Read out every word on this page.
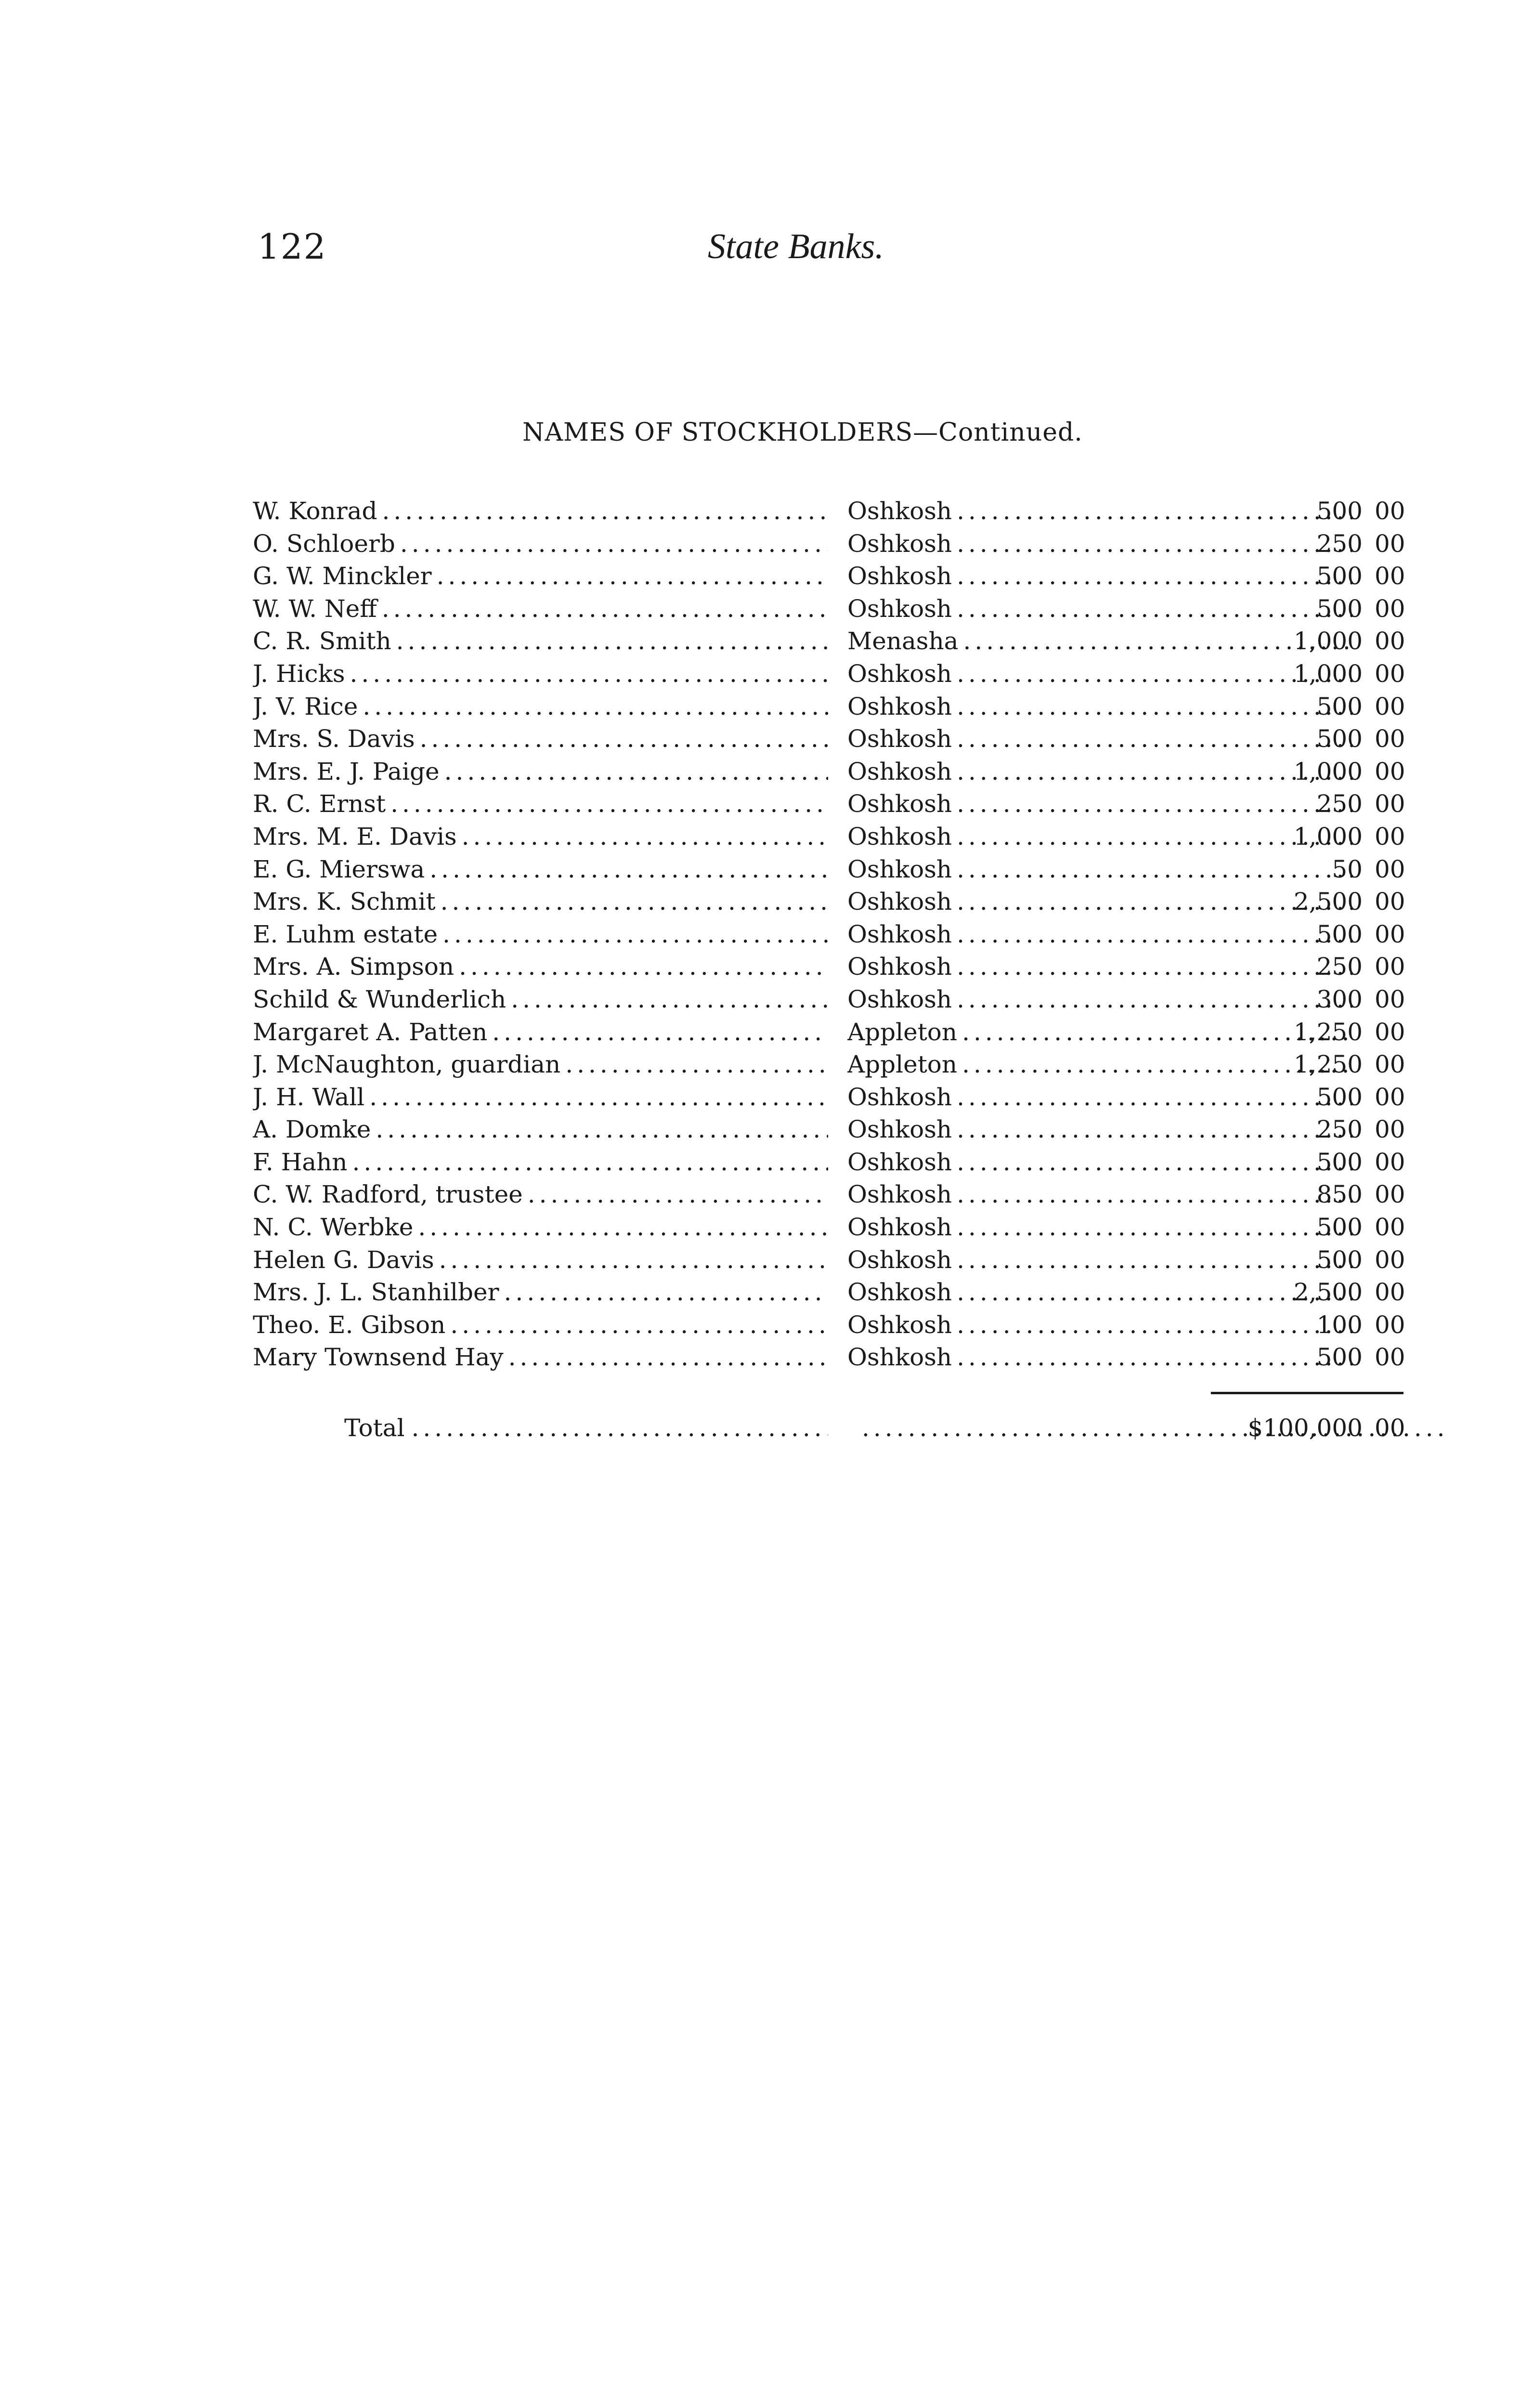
122	State Banks.
NAMES OF STOCKHOLDERS—Continued.
W. Konrad .....	Oshkosh .....	500 00
O. Schloerb .....	Oshkosh .....	250 00
G. W. Minckler .....	Oshkosh .....	500 00
W. W. Neff .....	Oshkosh .....	500 00
C. R. Smith .....	Menasha .....	1,000 00
J. Hicks .....	Oshkosh .....	1,000 00
J. V. Rice .....	Oshkosh .....	500 00
Mrs. S. Davis .....	Oshkosh .....	500 00
Mrs. E. J. Paige .....	Oshkosh .....	1,000 00
R. C. Ernst .....	Oshkosh .....	250 00
Mrs. M. E. Davis .....	Oshkosh .....	1,000 00
E. G. Mierswa .....	Oshkosh .....	50 00
Mrs. K. Schmit .....	Oshkosh .....	2,500 00
E. Luhm estate .....	Oshkosh .....	500 00
Mrs. A. Simpson .....	Oshkosh .....	250 00
Schild & Wunderlich .....	Oshkosh .....	300 00
Margaret A. Patten .....	Appleton .....	1,250 00
J. McNaughton, guardian .....	Appleton .....	1,250 00
J. H. Wall .....	Oshkosh .....	500 00
A. Domke .....	Oshkosh .....	250 00
F. Hahn .....	Oshkosh .....	500 00
C. W. Radford, trustee .....	Oshkosh .....	850 00
N. C. Werbke .....	Oshkosh .....	500 00
Helen G. Davis .....	Oshkosh .....	500 00
Mrs. J. L. Stanhilber .....	Oshkosh .....	2,500 00
Theo. E. Gibson .....	Oshkosh .....	100 00
Mary Townsend Hay .....	Oshkosh .....	500 00
Total ..... .....	$100,000 00
